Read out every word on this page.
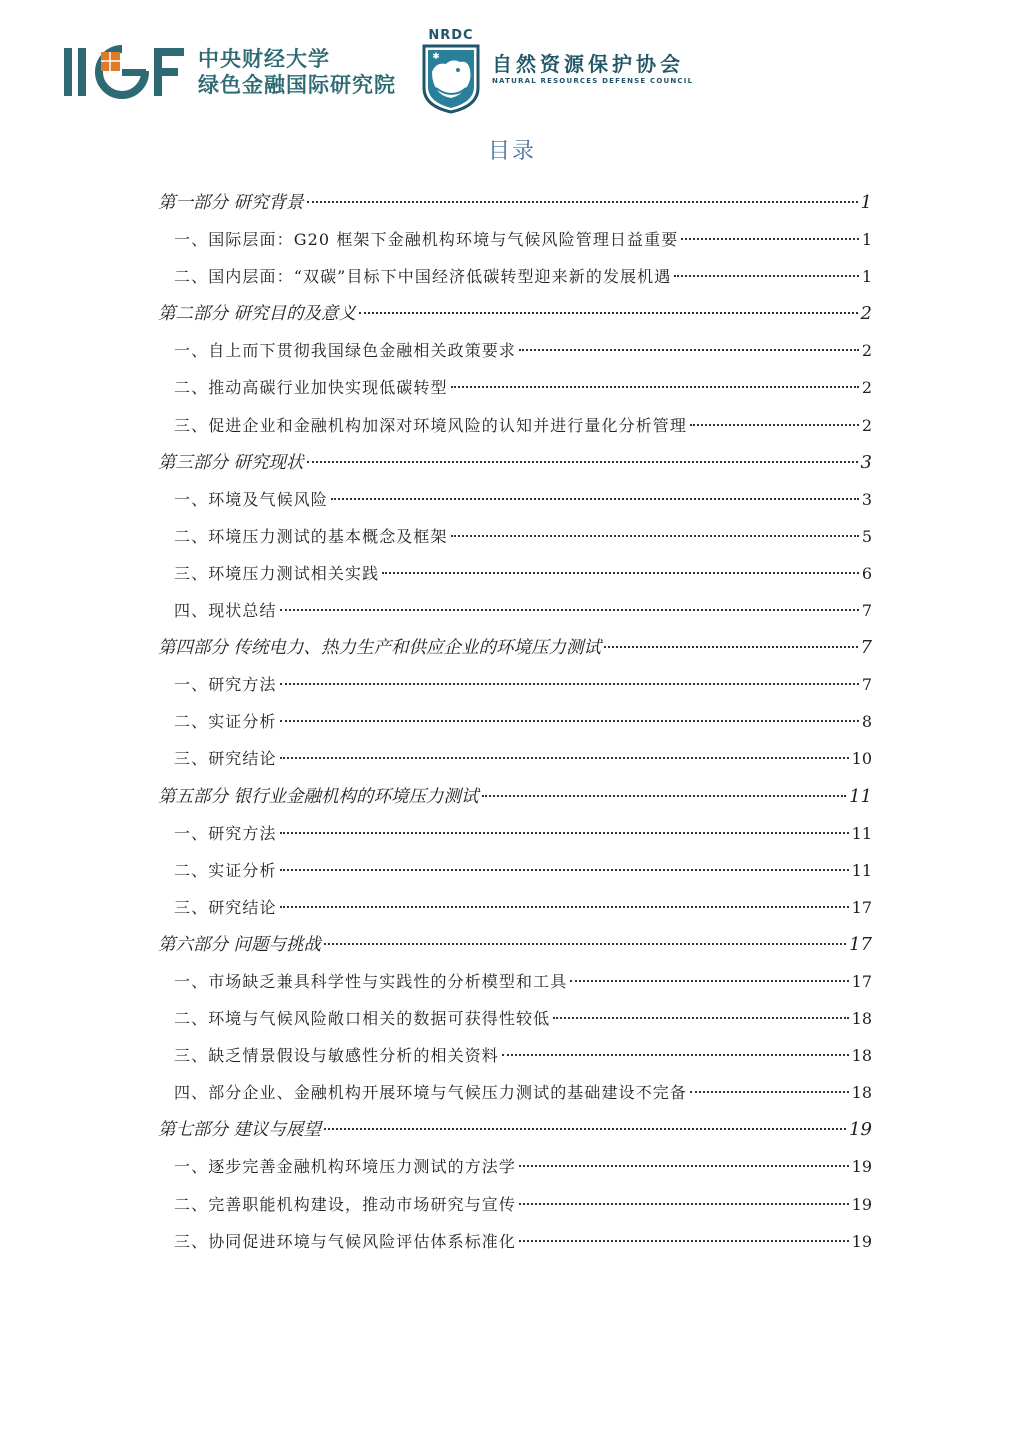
中央财经大学
绿色金融国际研究院
NRDC
✱	自然资源保护协会
NATURAL RESOURCES DEFENSE COUNCIL
目录
第一部分 研究背景	1
一、国际层面：G20 框架下金融机构环境与气候风险管理日益重要	1
二、国内层面：“双碳”目标下中国经济低碳转型迎来新的发展机遇	1
第二部分 研究目的及意义	2
一、自上而下贯彻我国绿色金融相关政策要求	2
二、推动高碳行业加快实现低碳转型	2
三、促进企业和金融机构加深对环境风险的认知并进行量化分析管理	2
第三部分 研究现状	3
一、环境及气候风险	3
二、环境压力测试的基本概念及框架	5
三、环境压力测试相关实践	6
四、现状总结	7
第四部分 传统电力、热力生产和供应企业的环境压力测试	7
一、研究方法	7
二、实证分析	8
三、研究结论	10
第五部分 银行业金融机构的环境压力测试	11
一、研究方法	11
二、实证分析	11
三、研究结论	17
第六部分 问题与挑战	17
一、市场缺乏兼具科学性与实践性的分析模型和工具	17
二、环境与气候风险敞口相关的数据可获得性较低	18
三、缺乏情景假设与敏感性分析的相关资料	18
四、部分企业、金融机构开展环境与气候压力测试的基础建设不完备	18
第七部分 建议与展望	19
一、逐步完善金融机构环境压力测试的方法学	19
二、完善职能机构建设，推动市场研究与宣传	19
三、协同促进环境与气候风险评估体系标准化	19
